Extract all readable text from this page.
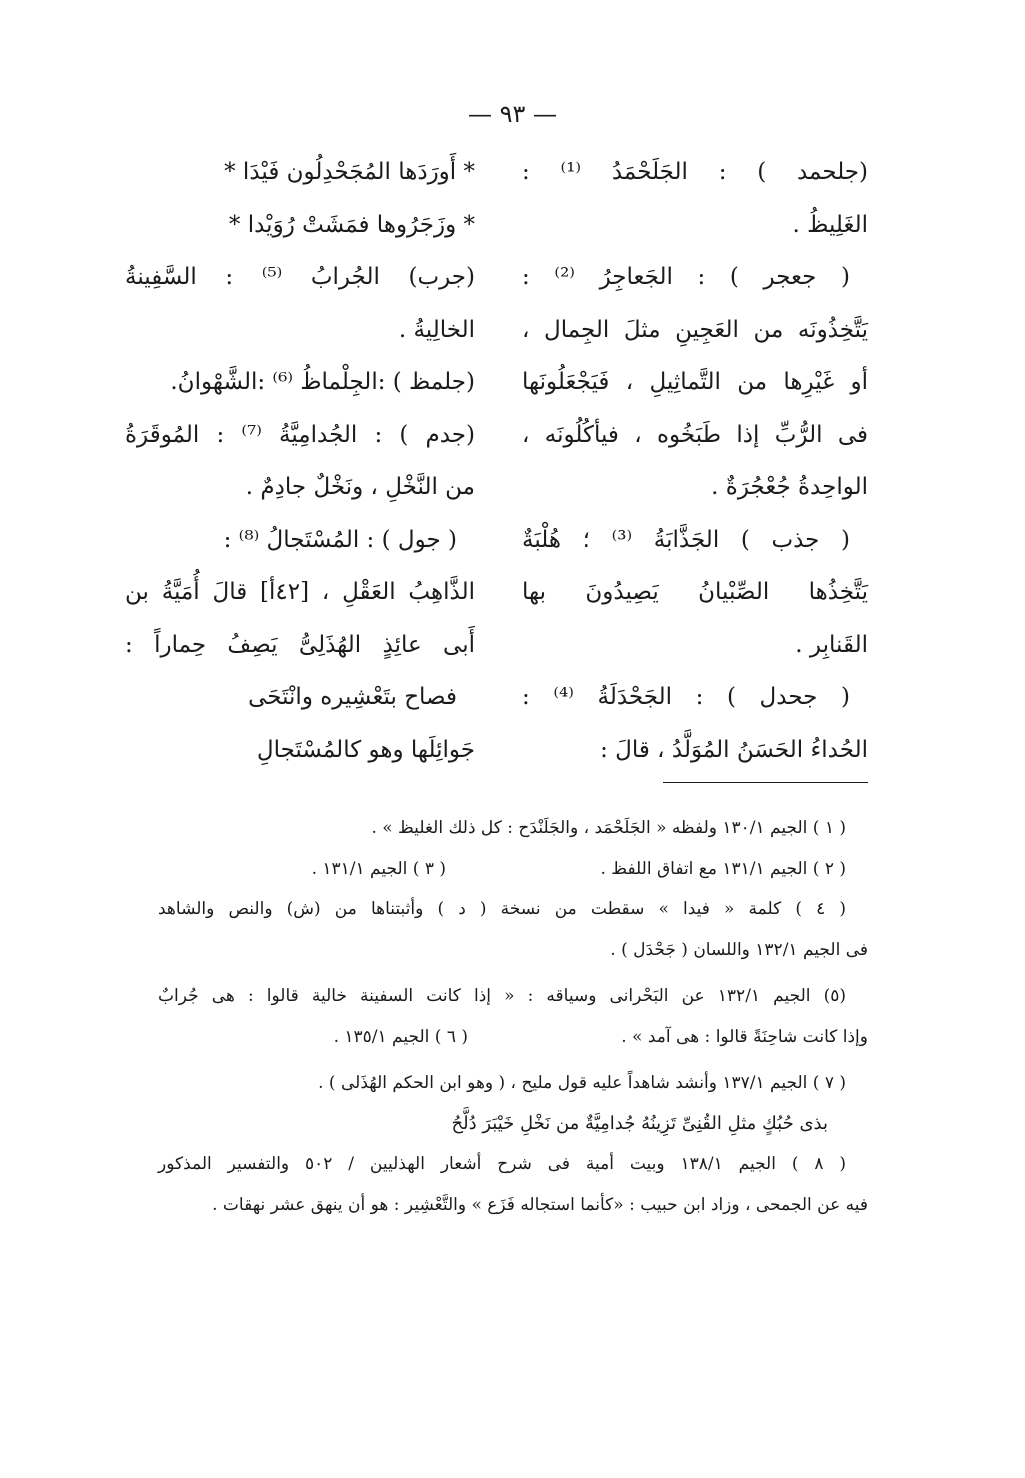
— ٩٣ —
(جلحمد ) : الجَلَحْمَدُ ⁽¹⁾ :
الغَلِيظُ .
( جعجر ) : الجَعاجِرُ ⁽²⁾ :
يَتَّخِذُونَه من العَجِينِ مثلَ الجِمال ،
أو غَيْرِها من التَّماثِيلِ ، فَيَجْعَلُونَها
فى الرُّبِّ إذا طَبَخُوه ، فيأكُلُونَه ،
الواحِدةُ جُعْجُرَةٌ .
( جذب ) الجَذَّابَةُ ⁽³⁾ ؛ هُلْبَةٌ
يَتَّخِذُها الصِّبْيانُ يَصِيدُونَ بها
القَنابِر .
( جحدل ) : الجَحْدَلَةُ ⁽⁴⁾ :
الحُداءُ الحَسَنُ المُوَلَّدُ ، قالَ :
* أَورَدَها المُجَحْدِلُون فَيْدَا *
* وزَجَرُوها فمَشَتْ رُوَيْدا *
(جرب) الجُرابُ ⁽⁵⁾ : السَّفِينةُ
الخالِيةُ .
(جلمظ ) :الجِلْماظُ ⁽⁶⁾ :الشَّهْوانُ.
(جدم ) : الجُدامِيَّةُ ⁽⁷⁾ : المُوقَرَةُ
من النَّخْلِ ، ونَخْلٌ جادِمٌ .
( جول ) : المُسْتَجالُ ⁽⁸⁾ :
الذَّاهِبُ العَقْلِ ، [٤٢أ] قالَ أُمَيَّةُ بن
أَبى عائِذٍ الهُذَلِىُّ يَصِفُ حِماراً :
فصاح بتَعْشِيره وانْتَحَى
جَوائِلَها وهو كالمُسْتَجالِ
( ١ ) الجيم ١٣٠/١ ولفظه « الجَلَحْمَد ، والجَلَنْدَح : كل ذلك الغليظ » .
( ٢ ) الجيم ١٣١/١ مع اتفاق اللفظ .
( ٣ ) الجيم ١٣١/١ .
( ٤ ) كلمة « فيدا » سقطت من نسخة ( د ) وأثبتناها من (ش) والنص والشاهد
فى الجيم ١٣٢/١ واللسان ( جَحْدَل ) .
(٥) الجيم ١٣٢/١ عن البَحْرانى وسياقه : « إذا كانت السفينة خالية قالوا : هى جُرابٌ
وإذا كانت شاحِنَةً قالوا : هى آمد » .
( ٦ ) الجيم ١٣٥/١ .
( ٧ ) الجيم ١٣٧/١ وأنشد شاهداً عليه قول مليح ، ( وهو ابن الحكم الهُذَلى ) .
بذى حُبُكٍ مثلِ القُنِىِّ تَزِينُهُ جُدامِيَّةٌ من نَخْلِ خَيْبَرَ دُلَّحُ
( ٨ ) الجيم ١٣٨/١ وبيت أمية فى شرح أشعار الهذليين / ٥٠٢ والتفسير المذكور
فيه عن الجمحى ، وزاد ابن حبيب : «كأنما استجاله فَزَع » والتَّعْشِير : هو أن ينهق عشر نهقات .
